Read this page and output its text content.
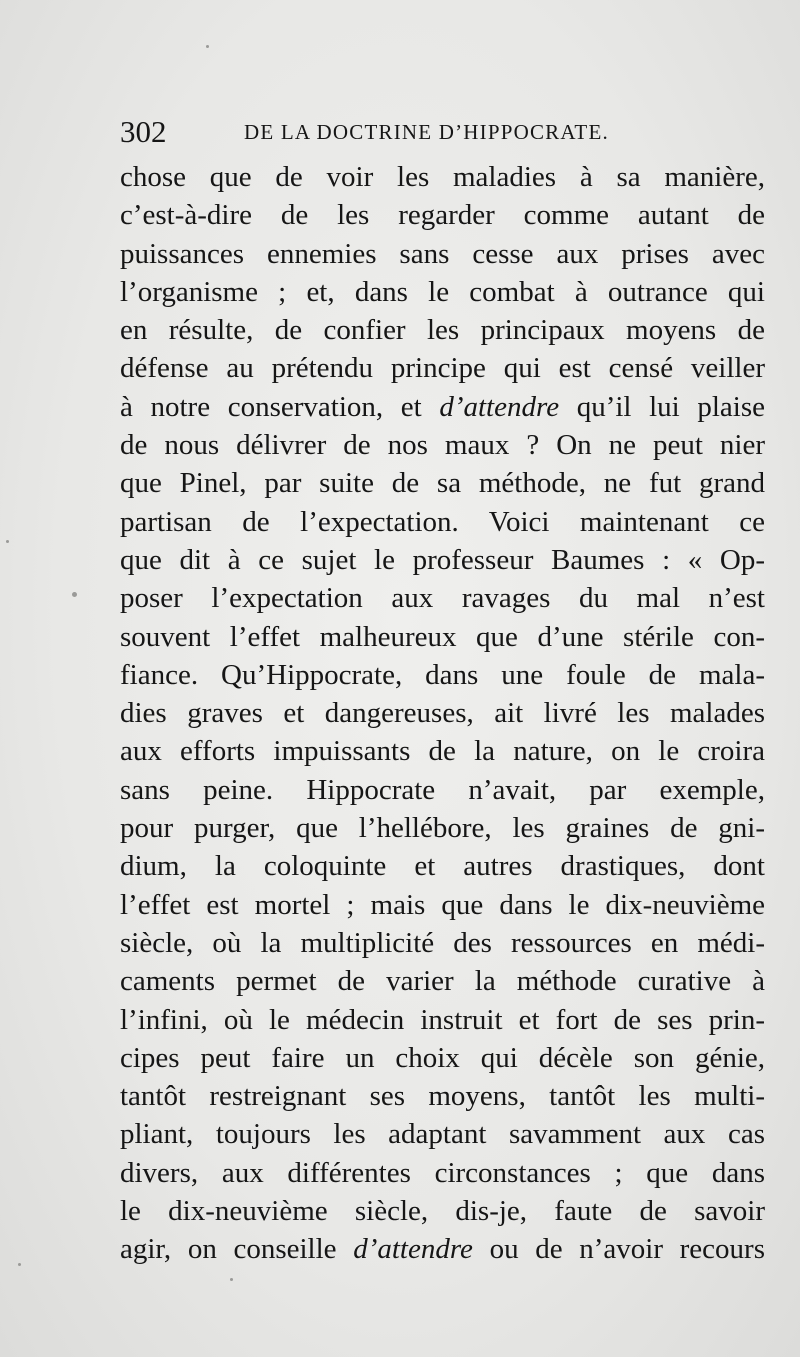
302	DE LA DOCTRINE D’HIPPOCRATE.
chose que de voir les maladies à sa manière,
c’est-à-dire de les regarder comme autant de
puissances ennemies sans cesse aux prises avec
l’organisme ; et, dans le combat à outrance qui
en résulte, de confier les principaux moyens de
défense au prétendu principe qui est censé veiller
à notre conservation, et d’attendre qu’il lui plaise
de nous délivrer de nos maux ? On ne peut nier
que Pinel, par suite de sa méthode, ne fut grand
partisan de l’expectation. Voici maintenant ce
que dit à ce sujet le professeur Baumes : « Op-
poser l’expectation aux ravages du mal n’est
souvent l’effet malheureux que d’une stérile con-
fiance. Qu’Hippocrate, dans une foule de mala-
dies graves et dangereuses, ait livré les malades
aux efforts impuissants de la nature, on le croira
sans peine. Hippocrate n’avait, par exemple,
pour purger, que l’hellébore, les graines de gni-
dium, la coloquinte et autres drastiques, dont
l’effet est mortel ; mais que dans le dix-neuvième
siècle, où la multiplicité des ressources en médi-
caments permet de varier la méthode curative à
l’infini, où le médecin instruit et fort de ses prin-
cipes peut faire un choix qui décèle son génie,
tantôt restreignant ses moyens, tantôt les multi-
pliant, toujours les adaptant savamment aux cas
divers, aux différentes circonstances ; que dans
le dix-neuvième siècle, dis-je, faute de savoir
agir, on conseille d’attendre ou de n’avoir recours
